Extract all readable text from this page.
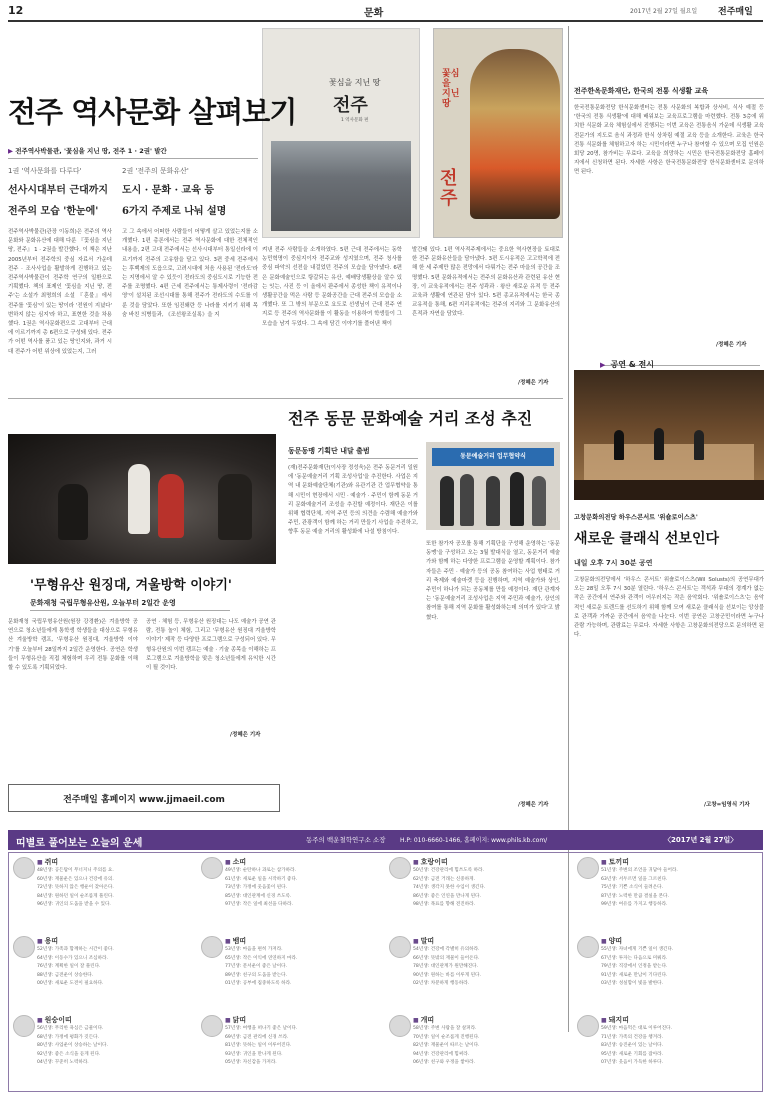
12	문화	2017년 2월 27일 월요일 전주매일
꽃심을 지닌 땅
전주
1 역사문화 편
꽃심을 지닌 땅
전주
전주 역사문화 살펴보기
▶ 전주역사박물관, '꽃심을 지닌 땅, 전주 1 · 2권' 발간
1권 '역사문화를 다루다'
선사시대부터 근대까지
전주의 모습 '한눈에'
2권 '전주의 문화유산'
도시 · 문화 · 교육 등
6가지 주제로 나눠 설명
전주역사박물관(관장 이동희)은 전주의 역사문화와 문화유산에 대해 다룬 『꽃심을 지닌 땅, 전주』 1 · 2권을 발간했다. 이 책은 지난 2005년부터 전주학의 중심 자료서 가운데 전주 · 조사사업을 활발하게 진행하고 있는 전주역사박물관이 전주학 연구의 일환으로 기획했다. 책의 표제인 '꽃심을 지닌 땅, 전주'는 소설가 최명희의 소설 『혼불』에서 전주를 '꽃심'이 있는 땅이라 '전원이 지녔다' 변하지 않는 심지'라 하고, 표현한 것을 차용했다. 1권은 역사문화편으로 고대부터 근대에 이르기까지 총 6편으로 구성돼 있다. 전주가 어떤 역사를 품고 있는 땅인지와, 과거 시대 전주가 어떤 위상에 있었는지, 그러
고 그 속에서 어떠한 사람들이 어떻게 살고 있었는지를 소개했다. 1편 총론에서는 전주 역사문화에 대한 전체적인 내용을, 2편 고대 전주에서는 선사시대부터 통일신라에 이르기까지 전주의 고유함을 담고 있다. 3편 중세 전주에서는 후백제의 도읍으로, 고려시대에 처음 사용된 '전라도'라는 지명에서 알 수 있듯이 전라도의 중심도시로 기능한 전주를 조명했다. 4편 근세 전주에서는 통제사령이 '전라감영'이 설치된 조선시대를 통해 전주가 전라도의 수도를 이룬 것을 담았다. 또한 임진왜란 등 나라를 지키기 위해 목숨 바친 의병들과, 《조선왕조실록》을 지
켜낸 전주 사람들을 소개하였다. 5편 근대 전주에서는 동학농민혁명이 중심지이자 전주교와 성지였으며, 전주 청사를 중심 파악의 선전을 내걸었던 전주의 모습을 담아냈다. 6편은 문화예술인으로 탕갈되는 유산, 예배당생활상을 알수 있는 잇는, 사진 등 이 올에서 판주에서 종성한 책이 유적이나 생활공간을 먹은 사람 등 문화공간을 근대 전주의 모습을 소개했다. 또 그 밖의 부문으로 요도로 선생님이 근대 전주 연지로 등 전주의 역사문화를 이 활동을 이용하여 학생들이 그 모습을 남겨 두었다. 그 속에 담긴 이야기를 풀어낸 책이
발간돼 있다. 1편 역사적주제에서는 중요한 역사현장을 토대로 한 전주 문화유산들을 담아냈다. 3편 도시유적은 고고학적에 전해 한 세 주제만 많은 전망에서 다뤄가는 전주 마을의 공간을 조명했다. 5편 문화유적에서는 전주의 문화유산과 관련된 유산 현장, 이 교육유적에서는 전주 성곽과 · 왕산 새로운 유적 등 전주 교육과 생활에 연관된 담아 있다. 5편 종교유적에서는 한국 종교유적을 통해, 6편 지리유적에는 전주의 지리와 그 문화유산의 흔적과 자연을 담았다.
/정혜은 기자
전주 동문 문화예술 거리 조성 추진
동문동맹 기획단 내달 출범
동문예술거리 업무협약식
(재)전주문화재단(이사장 정성욱)은 전주 동문거리 일원에 '동문예술거리 기획 조성사업'을 추진한다. 사업은 지역 내 문화예술단체(기관)와 유관기관 간 업무협약을 통해 시민이 현장에서 시민 · 예술가 · 주민이 함께 동문 거리 문화예술거리 조성을 추진할 예정이다. 재단은 이를 위해 협력단체, 지역 주민 등의 의견을 수렴해 예술가와 주민, 관광객이 함께 하는 거리 만들기 사업을 추진하고, 향후 동문 예술 거리의 활성화에 나설 방침이다.
또한 참가자 공모를 통해 기획단을 구성해 운영하는 '동문동맹'을 구성하고 오는 3월 발대식을 열고, 동문거리 예술가와 함께 하는 다양한 프로그램을 운영할 계획이다. 참가자들은 주민 · 예술가 등의 공동 참여하는 사업 형태로 거리 축제와 예술마켓 등을 진행하며, 지역 예술가와 상인, 주민이 하나가 되는 공동체를 만들 예정이다. 재단 관계자는 '동문예술거리 조성사업은 지역 주민과 예술가, 상인의 참여를 통해 지역 문화를 활성화하는데 의미가 있다'고 밝혔다.
/정혜은 기자
'무형유산 원징대, 겨울방학 이야기'
문화재청 국립무형유산원, 오늘부터 2일간 운영
문화재청 국립무형유산원(원장 강경환)은 겨울방학 공연으로 청소년들에게 통학생 학생들을 대상으로 무형유산 겨울방학 캠프, '무형유산 원징대, 겨울방학 이야기'를 오늘부터 28일까지 2일간 운영한다. 공연은 학생들이 무형유산을 직접 체험하며 우리 전통 문화를 이해할 수 있도록 기획되었다.
공연 · 체험 등, 무형유산 원징대는 나도 예술가 공연 관람, 전통 놀이 체험, 그리고 '무형유산 원징대 겨울방학 이야기' 제작 등 다양한 프로그램으로 구성되어 있다. 무형유산원의 이번 캠프는 예술 · 기술 종목을 이해하는 프로그램으로 겨울방학을 맞은 청소년들에게 유익한 시간이 될 것이다.
/정혜은 기자
전주매일 홈페이지 www.jjmaeil.com
전주한옥문화재단, 한국의 전통 식생활 교육
한국전통문화전당 한식문화센터는 전통 사문화의 복합과 상서비, 식사 예절 등 '한국의 전통 식생활'에 대해 배워보는 교육프로그램을 마련했다. 전통 3층에 위치한 식문화 교육 체험실에서 진행되는 이번 교육은 전통음식 가운데 식생활 교육 전문가의 지도로 음식 과정과 한식 상차림 예절 교육 등을 소개한다. 교육은 한국 전통 식문화를 체험하고자 하는 시민이라면 누구나 참여할 수 있으며 모집 인원은 회당 20명, 참가비는 무료다. 교육을 희망하는 시민은 한국전통문화전당 홈페이지에서 신청하면 된다. 자세한 사항은 한국전통문화전당 한식문화센터로 문의하면 된다.
/정혜은 기자
▶ 공연 & 전시
고창문화의전당 하우스콘서트 '위숄로이스츠'
새로운 클래식 선보인다
내일 오후 7시 30분 공연
고창문화의전당에서 '하우스 콘서트' 위숄로이스츠(Wil Solusts)의 공연무대가 오는 28일 오후 7시 30분 열린다. '하우스 콘서트'는 객석과 무대의 경계가 없는 작은 공간에서 연주와 관객이 어우러지는 작은 음악회다. '위숄로이스츠'는 음악적인 새로운 트렌드를 선도하기 위해 함께 모여 새로운 클래식을 선보이는 앙상블로 관객과 가까운 공간에서 음악을 나눈다. 이번 공연은 고창군민이라면 누구나 관람 가능하며, 관람료는 무료다. 자세한 사항은 고창문화의전당으로 문의하면 된다.
/고창=임영식 기자
띠별로 풀어보는 오늘의 운세	동주의 백운철학연구소 소장 H.P: 010-6660-1466, 홈페이지: www.phils.kb.com/	〈2017년 2월 27일〉
■ 쥐띠
48년생: 공든탑이 무너지니 주의를 요.
60년생: 재물운은 있으나 건강에 유의.
72년생: 뜻하지 않은 행운이 찾아온다.
84년생: 원하던 일이 순조롭게 풀린다.
96년생: 귀인의 도움을 받을 수 있다.
■ 소띠
49년생: 순탄하나 과로는 삼가하라.
61년생: 새로운 일을 시작하기 좋다.
73년생: 가정에 웃음꽃이 핀다.
85년생: 대인관계에 신경 쓰도록.
97년생: 작은 일에 최선을 다하라.
■ 호랑이띠
50년생: 건강관리에 힘쓰도록 하라.
62년생: 금전 거래는 신중하게.
74년생: 생각지 못한 수입이 생긴다.
86년생: 좋은 인연을 만나게 된다.
98년생: 목표를 향해 전진하라.
■ 토끼띠
51년생: 주변의 조언을 귀담아 들어라.
63년생: 서두르면 일을 그르친다.
75년생: 기쁜 소식이 들려온다.
87년생: 노력한 만큼 결실을 본다.
99년생: 여유를 가지고 행동하라.
■ 용띠
52년생: 가족과 함께하는 시간이 좋다.
64년생: 이동수가 있으니 조심하라.
76년생: 계획한 일이 잘 풀린다.
88년생: 금전운이 상승한다.
00년생: 새로운 도전이 필요하다.
■ 뱀띠
53년생: 마음을 편히 가져라.
65년생: 작은 이익에 연연하지 마라.
77년생: 문서운이 좋은 날이다.
89년생: 친구의 도움을 받는다.
01년생: 공부에 집중하도록 하라.
■ 말띠
54년생: 건강에 각별히 유의하라.
66년생: 뜻밖의 재물이 들어온다.
78년생: 대인관계가 원만해진다.
90년생: 원하는 바를 이루게 된다.
02년생: 차분하게 행동하라.
■ 양띠
55년생: 자녀에게 기쁜 일이 생긴다.
67년생: 투자는 다음으로 미뤄라.
79년생: 직장에서 인정을 받는다.
91년생: 새로운 만남이 기다린다.
03년생: 성실함이 빛을 발한다.
■ 원숭이띠
56년생: 무리한 욕심은 금물이다.
68년생: 가정에 평화가 깃든다.
80년생: 사업운이 상승하는 날이다.
92년생: 좋은 소식을 듣게 된다.
04년생: 꾸준히 노력하라.
■ 닭띠
57년생: 여행을 떠나기 좋은 날이다.
69년생: 금전 관리에 신경 쓰라.
81년생: 뜻하는 일이 이루어진다.
93년생: 귀인을 만나게 된다.
05년생: 자신감을 가져라.
■ 개띠
58년생: 주변 사람을 잘 살펴라.
70년생: 일이 순조롭게 진행된다.
82년생: 재물운이 따르는 날이다.
94년생: 건강관리에 힘써라.
06년생: 친구와 우정을 쌓아라.
■ 돼지띠
59년생: 마음먹은 대로 이루어진다.
71년생: 가족의 건강을 챙겨라.
83년생: 승진운이 있는 날이다.
95년생: 새로운 기회를 잡아라.
07년생: 웃음이 가득한 하루다.
